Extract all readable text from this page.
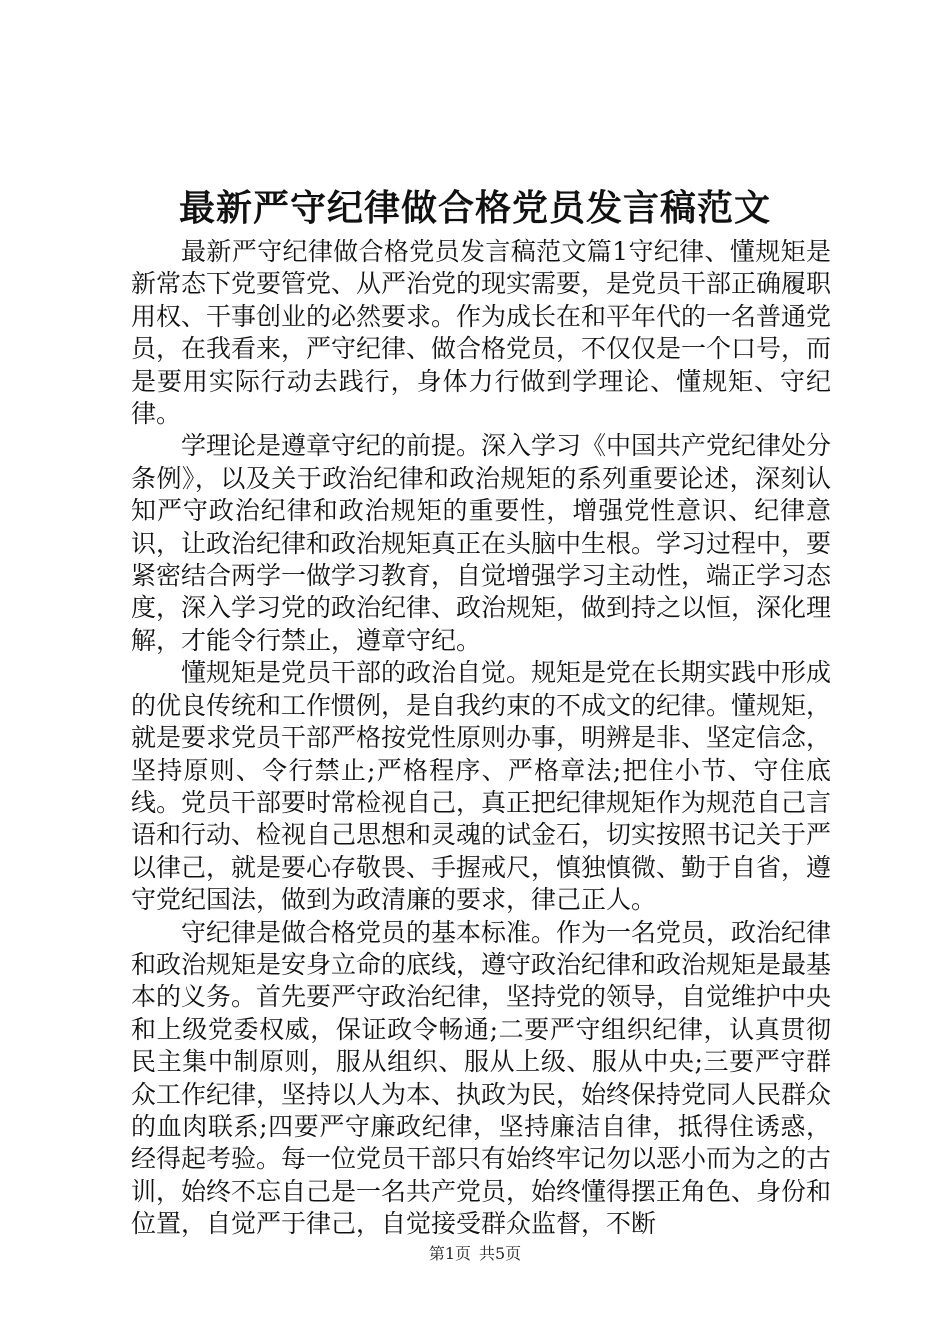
最新严守纪律做合格党员发言稿范文

最新严守纪律做合格党员发言稿范文篇1守纪律、懂规矩是新常态下党要管党、从严治党的现实需要，是党员干部正确履职用权、干事创业的必然要求。作为成长在和平年代的一名普通党员，在我看来，严守纪律、做合格党员，不仅仅是一个口号，而是要用实际行动去践行，身体力行做到学理论、懂规矩、守纪律。

学理论是遵章守纪的前提。深入学习《中国共产党纪律处分条例》，以及关于政治纪律和政治规矩的系列重要论述，深刻认知严守政治纪律和政治规矩的重要性，增强党性意识、纪律意识，让政治纪律和政治规矩真正在头脑中生根。学习过程中，要紧密结合两学一做学习教育，自觉增强学习主动性，端正学习态度，深入学习党的政治纪律、政治规矩，做到持之以恒，深化理解，才能令行禁止，遵章守纪。

懂规矩是党员干部的政治自觉。规矩是党在长期实践中形成的优良传统和工作惯例，是自我约束的不成文的纪律。懂规矩，就是要求党员干部严格按党性原则办事，明辨是非、坚定信念，坚持原则、令行禁止;严格程序、严格章法;把住小节、守住底线。党员干部要时常检视自己，真正把纪律规矩作为规范自己言语和行动、检视自己思想和灵魂的试金石，切实按照书记关于严以律己，就是要心存敬畏、手握戒尺，慎独慎微、勤于自省，遵守党纪国法，做到为政清廉的要求，律己正人。

守纪律是做合格党员的基本标准。作为一名党员，政治纪律和政治规矩是安身立命的底线，遵守政治纪律和政治规矩是最基本的义务。首先要严守政治纪律，坚持党的领导，自觉维护中央和上级党委权威，保证政令畅通;二要严守组织纪律，认真贯彻民主集中制原则，服从组织、服从上级、服从中央;三要严守群众工作纪律，坚持以人为本、执政为民，始终保持党同人民群众的血肉联系;四要严守廉政纪律，坚持廉洁自律，抵得住诱惑，经得起考验。每一位党员干部只有始终牢记勿以恶小而为之的古训，始终不忘自己是一名共产党员，始终懂得摆正角色、身份和位置，自觉严于律己，自觉接受群众监督，不断

第1页 共5页
